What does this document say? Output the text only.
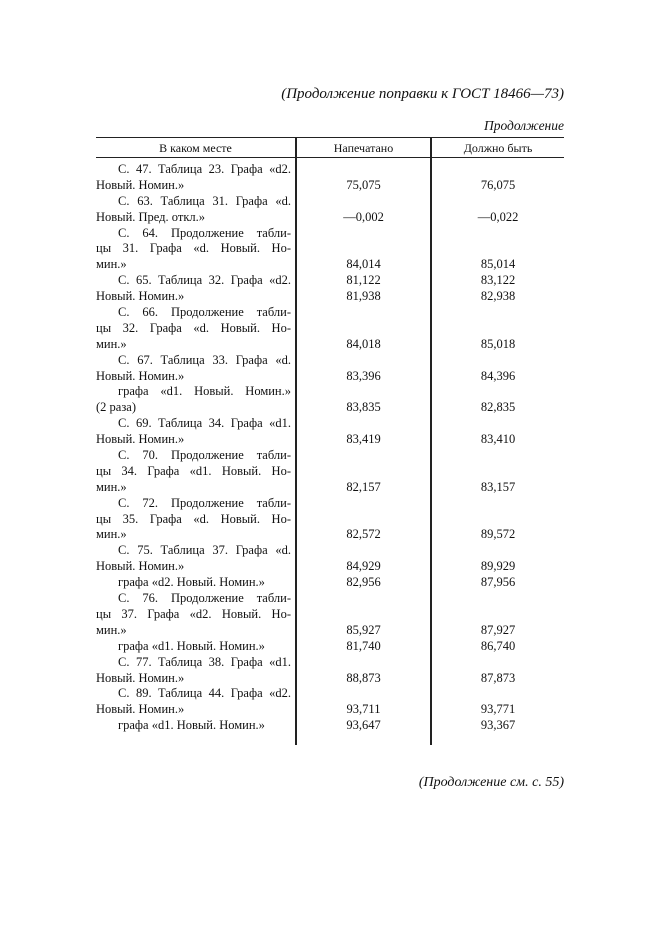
(Продолжение поправки к ГОСТ 18466—73)
Продолжение
В каком месте	Напечатано	Должно быть
С. 47. Таблица 23. Графа «d2.
Новый. Номин.»	75,075	76,075
С. 63. Таблица 31. Графа «d.
Новый. Пред. откл.»	—0,002	—0,022
С. 64. Продолжение табли-
цы 31. Графа «d. Новый. Но-
мин.»	84,014	85,014
С. 65. Таблица 32. Графа «d2.	81,122	83,122
Новый. Номин.»	81,938	82,938
С. 66. Продолжение табли-
цы 32. Графа «d. Новый. Но-
мин.»	84,018	85,018
С. 67. Таблица 33. Графа «d.
Новый. Номин.»	83,396	84,396
графа «d1. Новый. Номин.»
(2 раза)	83,835	82,835
С. 69. Таблица 34. Графа «d1.
Новый. Номин.»	83,419	83,410
С. 70. Продолжение табли-
цы 34. Графа «d1. Новый. Но-
мин.»	82,157	83,157
С. 72. Продолжение табли-
цы 35. Графа «d. Новый. Но-
мин.»	82,572	89,572
С. 75. Таблица 37. Графа «d.
Новый. Номин.»	84,929	89,929
графа «d2. Новый. Номин.»	82,956	87,956
С. 76. Продолжение табли-
цы 37. Графа «d2. Новый. Но-
мин.»	85,927	87,927
графа «d1. Новый. Номин.»	81,740	86,740
С. 77. Таблица 38. Графа «d1.
Новый. Номин.»	88,873	87,873
С. 89. Таблица 44. Графа «d2.
Новый. Номин.»	93,711	93,771
графа «d1. Новый. Номин.»	93,647	93,367
(Продолжение см. с. 55)
